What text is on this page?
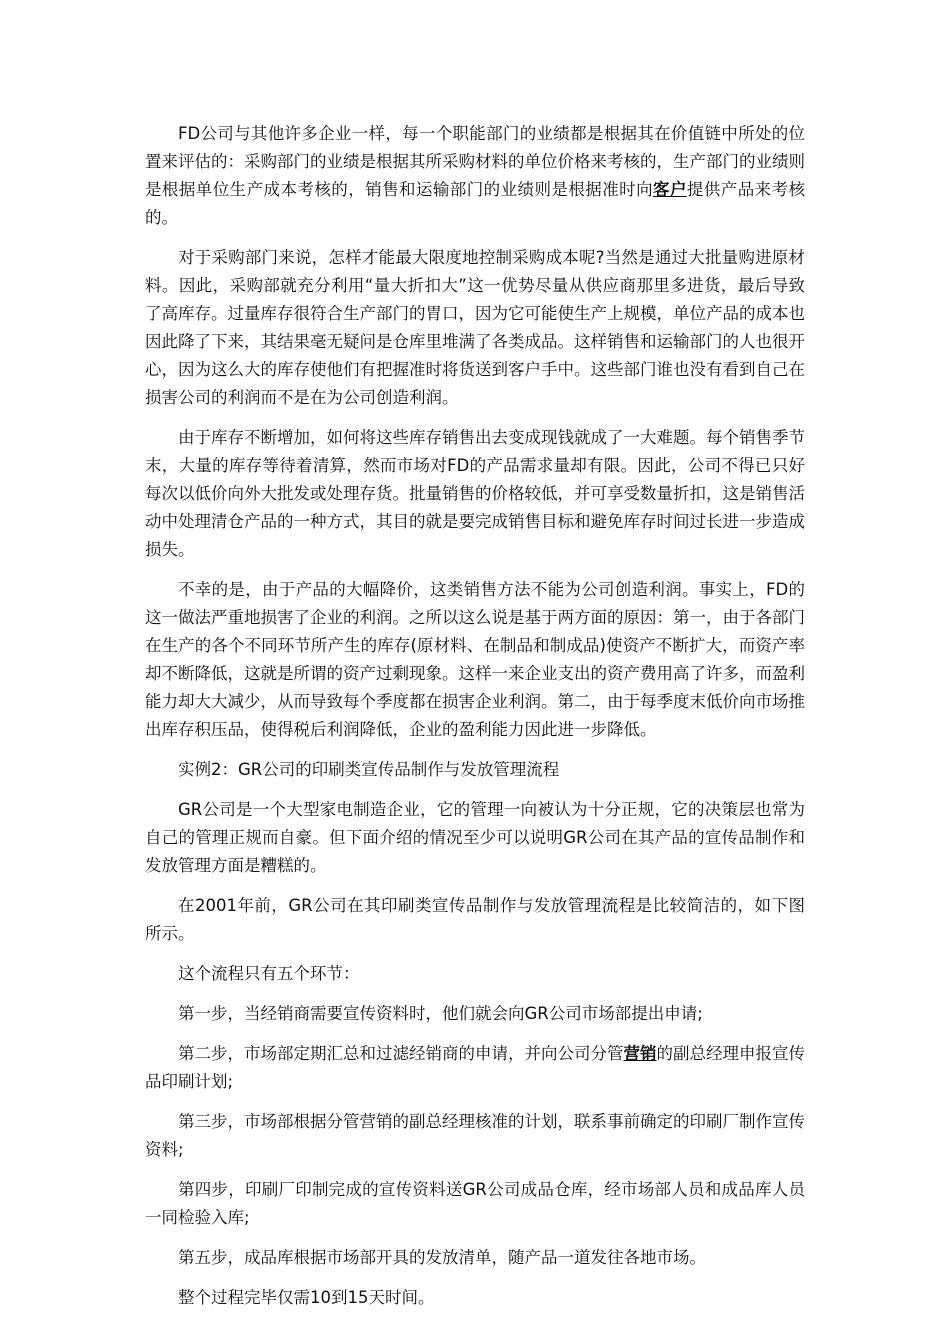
FD公司与其他许多企业一样，每一个职能部门的业绩都是根据其在价值链中所处的位置来评估的：采购部门的业绩是根据其所采购材料的单位价格来考核的，生产部门的业绩则是根据单位生产成本考核的，销售和运输部门的业绩则是根据准时向客户提供产品来考核的。

对于采购部门来说，怎样才能最大限度地控制采购成本呢?当然是通过大批量购进原材料。因此，采购部就充分利用“量大折扣大”这一优势尽量从供应商那里多进货，最后导致了高库存。过量库存很符合生产部门的胃口，因为它可能使生产上规模，单位产品的成本也因此降了下来，其结果毫无疑问是仓库里堆满了各类成品。这样销售和运输部门的人也很开心，因为这么大的库存使他们有把握准时将货送到客户手中。这些部门谁也没有看到自己在损害公司的利润而不是在为公司创造利润。

由于库存不断增加，如何将这些库存销售出去变成现钱就成了一大难题。每个销售季节末，大量的库存等待着清算，然而市场对FD的产品需求量却有限。因此，公司不得已只好每次以低价向外大批发或处理存货。批量销售的价格较低，并可享受数量折扣，这是销售活动中处理清仓产品的一种方式，其目的就是要完成销售目标和避免库存时间过长进一步造成损失。

不幸的是，由于产品的大幅降价，这类销售方法不能为公司创造利润。事实上，FD的这一做法严重地损害了企业的利润。之所以这么说是基于两方面的原因：第一，由于各部门在生产的各个不同环节所产生的库存(原材料、在制品和制成品)使资产不断扩大，而资产率却不断降低，这就是所谓的资产过剩现象。这样一来企业支出的资产费用高了许多，而盈利能力却大大减少，从而导致每个季度都在损害企业利润。第二，由于每季度末低价向市场推出库存积压品，使得税后利润降低，企业的盈利能力因此进一步降低。

实例2：GR公司的印刷类宣传品制作与发放管理流程

GR公司是一个大型家电制造企业，它的管理一向被认为十分正规，它的决策层也常为自己的管理正规而自豪。但下面介绍的情况至少可以说明GR公司在其产品的宣传品制作和发放管理方面是糟糕的。

在2001年前，GR公司在其印刷类宣传品制作与发放管理流程是比较简洁的，如下图所示。

这个流程只有五个环节：

第一步，当经销商需要宣传资料时，他们就会向GR公司市场部提出申请;

第二步，市场部定期汇总和过滤经销商的申请，并向公司分管营销的副总经理申报宣传品印刷计划;

第三步，市场部根据分管营销的副总经理核准的计划，联系事前确定的印刷厂制作宣传资料;

第四步，印刷厂印制完成的宣传资料送GR公司成品仓库，经市场部人员和成品库人员一同检验入库;

第五步，成品库根据市场部开具的发放清单，随产品一道发往各地市场。

整个过程完毕仅需10到15天时间。
